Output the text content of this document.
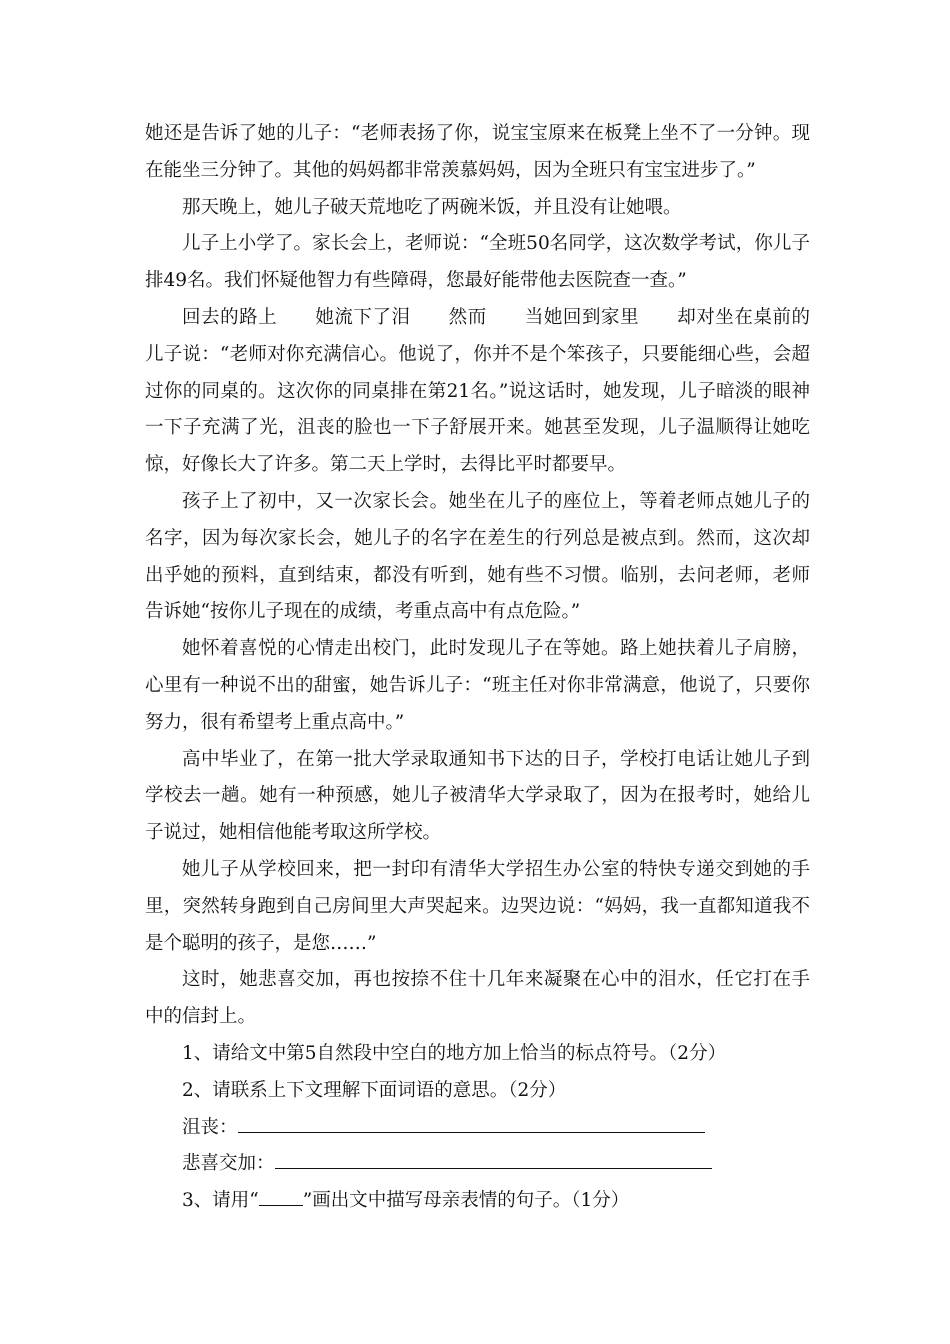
她还是告诉了她的儿子：“老师表扬了你，说宝宝原来在板凳上坐不了一分钟。现在能坐三分钟了。其他的妈妈都非常羡慕妈妈，因为全班只有宝宝进步了。”

那天晚上，她儿子破天荒地吃了两碗米饭，并且没有让她喂。

儿子上小学了。家长会上，老师说：“全班50名同学，这次数学考试，你儿子排49名。我们怀疑他智力有些障碍，您最好能带他去医院查一查。”

回去的路上　　她流下了泪　　然而　　当她回到家里　　却对坐在桌前的儿子说：“老师对你充满信心。他说了，你并不是个笨孩子，只要能细心些，会超过你的同桌的。这次你的同桌排在第21名。”说这话时，她发现，儿子暗淡的眼神一下子充满了光，沮丧的脸也一下子舒展开来。她甚至发现，儿子温顺得让她吃惊，好像长大了许多。第二天上学时，去得比平时都要早。

孩子上了初中，又一次家长会。她坐在儿子的座位上，等着老师点她儿子的名字，因为每次家长会，她儿子的名字在差生的行列总是被点到。然而，这次却出乎她的预料，直到结束，都没有听到，她有些不习惯。临别，去问老师，老师告诉她“按你儿子现在的成绩，考重点高中有点危险。”

她怀着喜悦的心情走出校门，此时发现儿子在等她。路上她扶着儿子肩膀，心里有一种说不出的甜蜜，她告诉儿子：“班主任对你非常满意，他说了，只要你努力，很有希望考上重点高中。”

高中毕业了，在第一批大学录取通知书下达的日子，学校打电话让她儿子到学校去一趟。她有一种预感，她儿子被清华大学录取了，因为在报考时，她给儿子说过，她相信他能考取这所学校。

她儿子从学校回来，把一封印有清华大学招生办公室的特快专递交到她的手里，突然转身跑到自己房间里大声哭起来。边哭边说：“妈妈，我一直都知道我不是个聪明的孩子，是您……”

这时，她悲喜交加，再也按捺不住十几年来凝聚在心中的泪水，任它打在手中的信封上。

1、请给文中第5自然段中空白的地方加上恰当的标点符号。（2分）

2、请联系上下文理解下面词语的意思。（2分）

沮丧：
悲喜交加：

3、请用“ ”画出文中描写母亲表情的句子。（1分）
